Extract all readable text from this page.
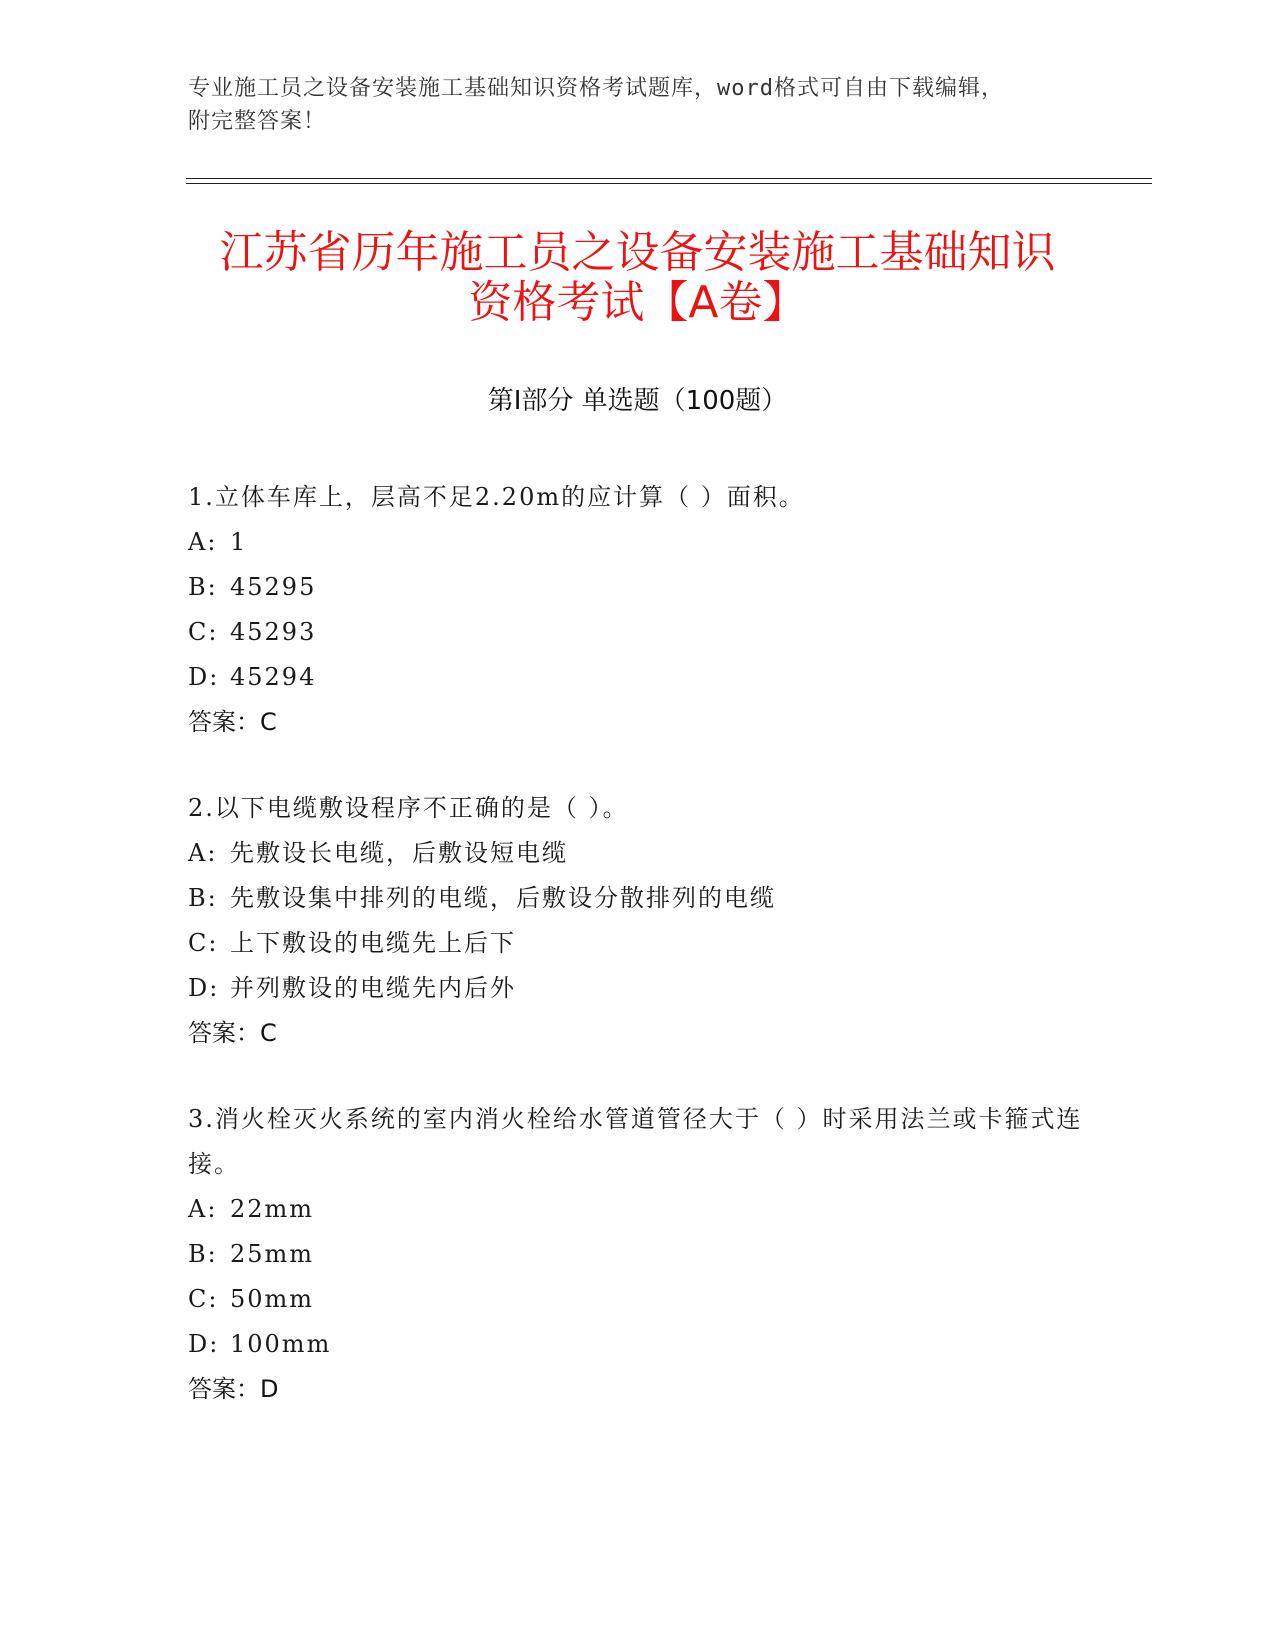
专业施工员之设备安装施工基础知识资格考试题库，word格式可自由下载编辑，
附完整答案！
江苏省历年施工员之设备安装施工基础知识
资格考试【A卷】
第Ⅰ部分 单选题（100题）
1.立体车库上，层高不足2.20m的应计算（ ）面积。
A: 1
B: 45295
C: 45293
D: 45294
答案：C
2.以下电缆敷设程序不正确的是（ ）。
A: 先敷设长电缆，后敷设短电缆
B: 先敷设集中排列的电缆，后敷设分散排列的电缆
C: 上下敷设的电缆先上后下
D: 并列敷设的电缆先内后外
答案：C
3.消火栓灭火系统的室内消火栓给水管道管径大于（ ）时采用法兰或卡箍式连接。
A: 22mm
B: 25mm
C: 50mm
D: 100mm
答案：D
